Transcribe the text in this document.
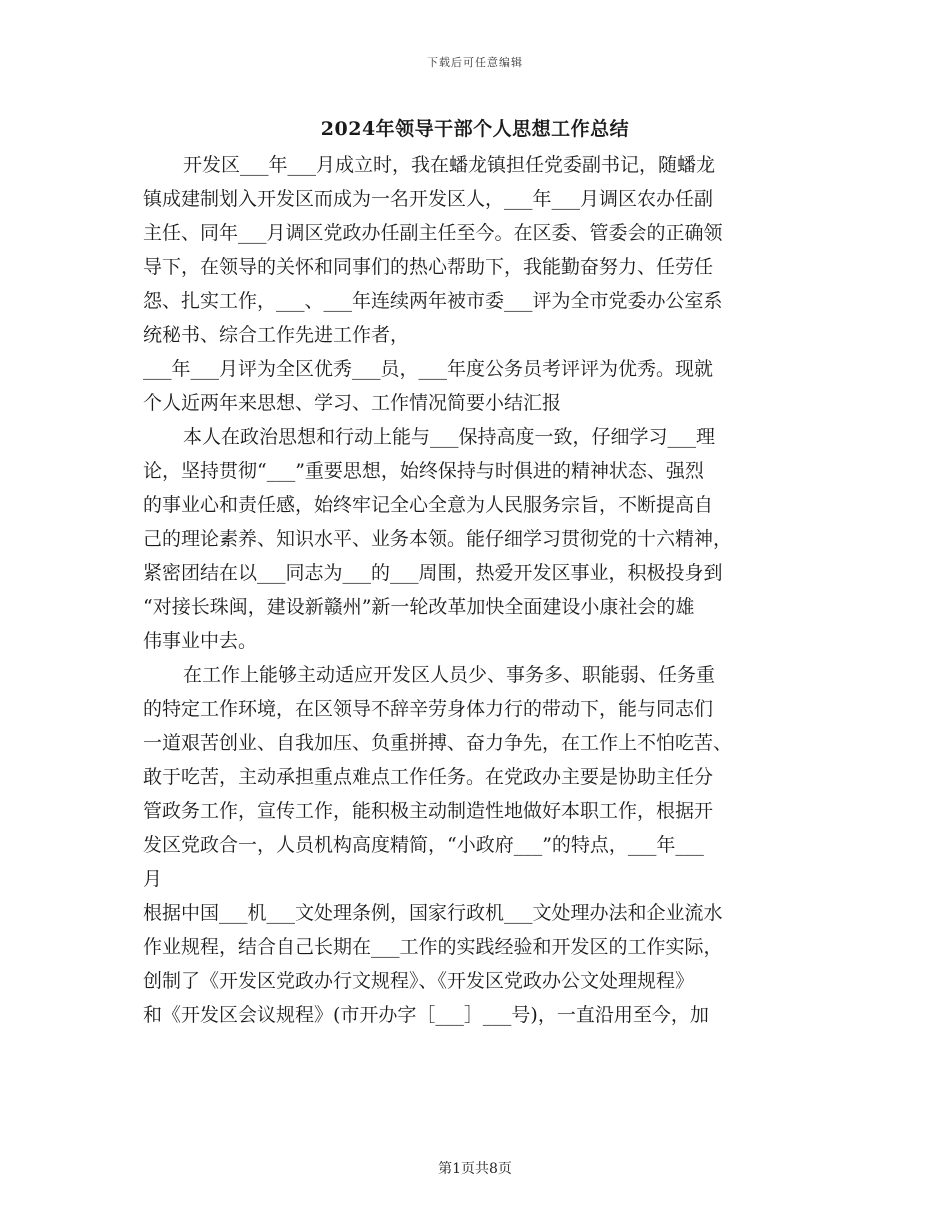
下载后可任意编辑
2024年领导干部个人思想工作总结
开发区___年___月成立时，我在蟠龙镇担任党委副书记，随蟠龙
镇成建制划入开发区而成为一名开发区人，___年___月调区农办任副
主任、同年___月调区党政办任副主任至今。在区委、管委会的正确领
导下，在领导的关怀和同事们的热心帮助下，我能勤奋努力、任劳任
怨、扎实工作，___、___年连续两年被市委___评为全市党委办公室系
统秘书、综合工作先进工作者，
___年___月评为全区优秀___员，___年度公务员考评评为优秀。现就
个人近两年来思想、学习、工作情况简要小结汇报
本人在政治思想和行动上能与___保持高度一致，仔细学习___理
论，坚持贯彻“___”重要思想，始终保持与时俱进的精神状态、强烈
的事业心和责任感，始终牢记全心全意为人民服务宗旨，不断提高自
己的理论素养、知识水平、业务本领。能仔细学习贯彻党的十六精神，
紧密团结在以___同志为___的___周围，热爱开发区事业，积极投身到
“对接长珠闽，建设新赣州”新一轮改革加快全面建设小康社会的雄
伟事业中去。
在工作上能够主动适应开发区人员少、事务多、职能弱、任务重
的特定工作环境，在区领导不辞辛劳身体力行的带动下，能与同志们
一道艰苦创业、自我加压、负重拼搏、奋力争先，在工作上不怕吃苦、
敢于吃苦，主动承担重点难点工作任务。在党政办主要是协助主任分
管政务工作，宣传工作，能积极主动制造性地做好本职工作，根据开
发区党政合一，人员机构高度精简，“小政府___”的特点，___年___
月
根据中国___机___文处理条例，国家行政机___文处理办法和企业流水
作业规程，结合自己长期在___工作的实践经验和开发区的工作实际，
创制了《开发区党政办行文规程》、《开发区党政办公文处理规程》
和《开发区会议规程》(市开办字［___］___号)，一直沿用至今，加
第1页共8页
